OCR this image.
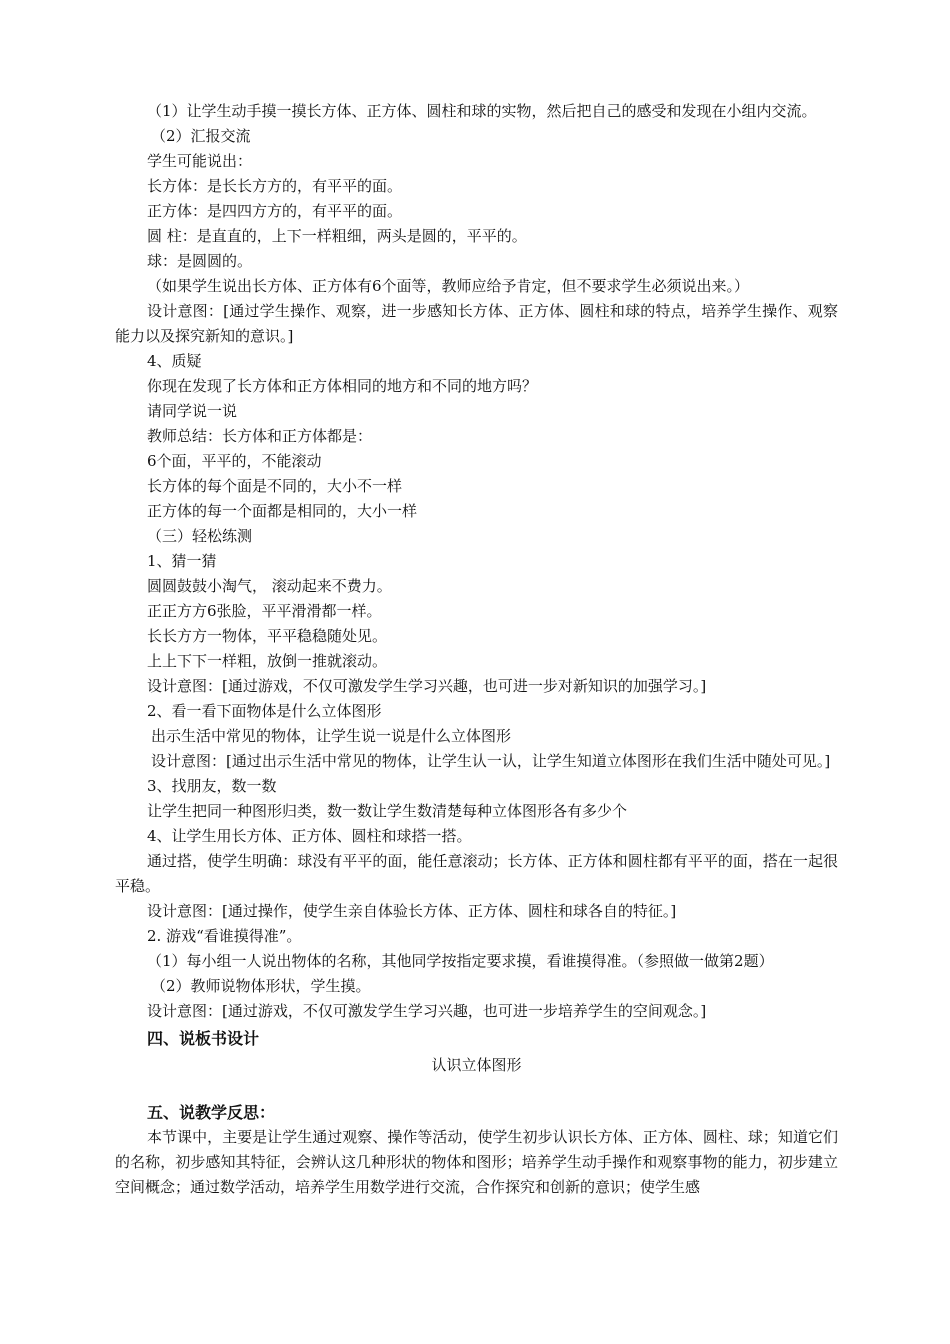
（1）让学生动手摸一摸长方体、正方体、圆柱和球的实物，然后把自己的感受和发现在小组内交流。

（2）汇报交流

学生可能说出：

长方体：是长长方方的，有平平的面。

正方体：是四四方方的，有平平的面。

圆 柱：是直直的，上下一样粗细，两头是圆的，平平的。

球：是圆圆的。

（如果学生说出长方体、正方体有6个面等，教师应给予肯定，但不要求学生必须说出来。）

设计意图：[通过学生操作、观察，进一步感知长方体、正方体、圆柱和球的特点，培养学生操作、观察能力以及探究新知的意识。]

4、质疑

你现在发现了长方体和正方体相同的地方和不同的地方吗？

请同学说一说

教师总结：长方体和正方体都是：

6个面，平平的，不能滚动

长方体的每个面是不同的，大小不一样

正方体的每一个面都是相同的，大小一样

（三）轻松练测

1、猜一猜

圆圆鼓鼓小淘气， 滚动起来不费力。

正正方方6张脸，平平滑滑都一样。

长长方方一物体，平平稳稳随处见。

上上下下一样粗，放倒一推就滚动。

设计意图：[通过游戏，不仅可激发学生学习兴趣，也可进一步对新知识的加强学习。]

2、看一看下面物体是什么立体图形

出示生活中常见的物体，让学生说一说是什么立体图形

设计意图：[通过出示生活中常见的物体，让学生认一认，让学生知道立体图形在我们生活中随处可见。]

3、找朋友，数一数

让学生把同一种图形归类，数一数让学生数清楚每种立体图形各有多少个

4、让学生用长方体、正方体、圆柱和球搭一搭。

通过搭，使学生明确：球没有平平的面，能任意滚动；长方体、正方体和圆柱都有平平的面，搭在一起很平稳。

设计意图：[通过操作，使学生亲自体验长方体、正方体、圆柱和球各自的特征。]

2. 游戏“看谁摸得准”。

（1）每小组一人说出物体的名称，其他同学按指定要求摸，看谁摸得准。（参照做一做第2题）

（2）教师说物体形状，学生摸。

设计意图：[通过游戏，不仅可激发学生学习兴趣，也可进一步培养学生的空间观念。]

四、说板书设计

认识立体图形

五、说教学反思：

本节课中，主要是让学生通过观察、操作等活动，使学生初步认识长方体、正方体、圆柱、球；知道它们的名称，初步感知其特征，会辨认这几种形状的物体和图形；培养学生动手操作和观察事物的能力，初步建立空间概念；通过数学活动，培养学生用数学进行交流，合作探究和创新的意识；使学生感
